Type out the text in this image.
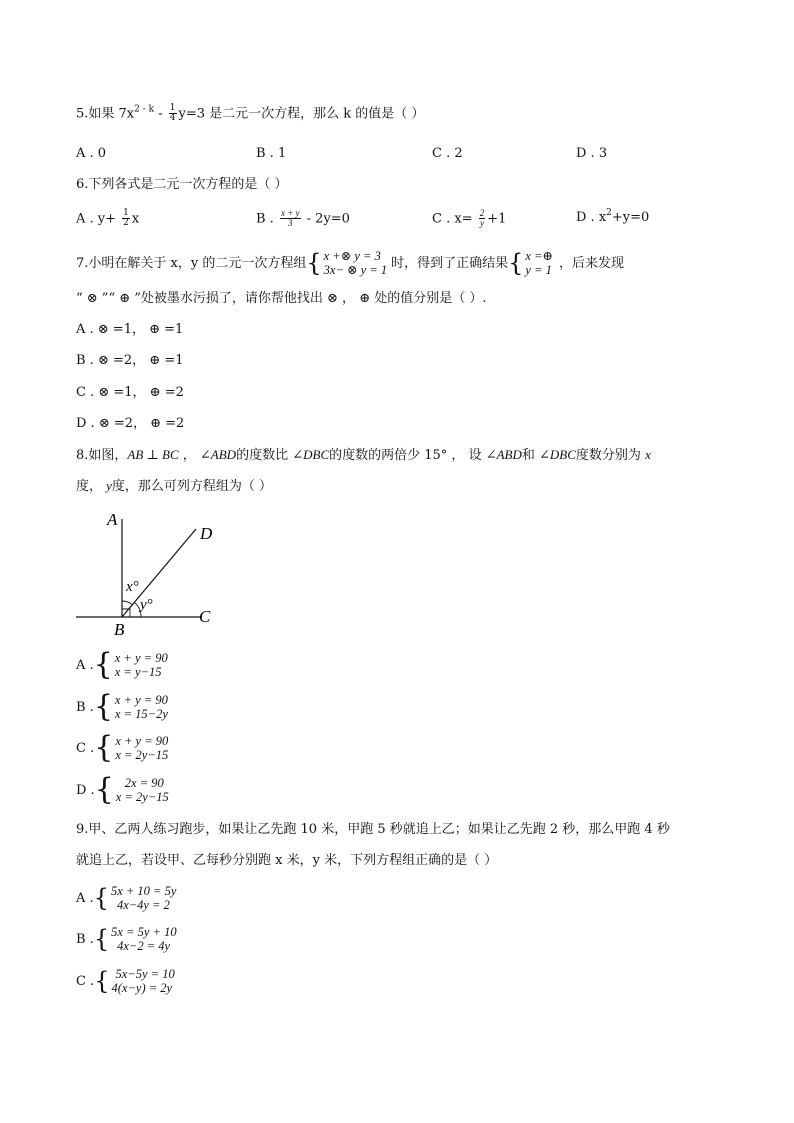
5.如果 $7x^{2 - k} - \frac{1}{4} y=3$ 是二元一次方程，那么 k 的值是（ ）
A . 0	B . 1	C . 2	D . 3
6.下列各式是二元一次方程的是（ ）
A . $y+ \frac{1}{2}$ x	B . $\frac{x + y}{3} - 2y=0$	C . $x= \frac{2}{y} +1$	D . $x^2+y=0$
7.小明在解关于 x，y 的二元一次方程组 { x +⊗ y = 3
3x− ⊗ y = 1 时，得到了正确结果 { x =⊕
y = 1 ，后来发现
“ ⊗ ”“ ⊕ ”处被墨水污损了，请你帮他找出 ⊗ ， ⊕ 处的值分别是（ ）.
A . ⊗ =1， ⊕ =1
B . ⊗ =2， ⊕ =1
C . ⊗ =1， ⊕ =2
D . ⊗ =2， ⊕ =2
8.如图，AB ⊥ BC ， ∠ABD的度数比 ∠DBC的度数的两倍少 15° ， 设 ∠ABD和 ∠DBC度数分别为 x
度， y度，那么可列方程组为（ ）
A
B
C
D
x°
y°
A . { x + y = 90
x = y−15
B . { x + y = 90
x = 15−2y
C . { x + y = 90
x = 2y−15
D . { 2x = 90
x = 2y−15
9.甲、乙两人练习跑步，如果让乙先跑 10 米，甲跑 5 秒就追上乙；如果让乙先跑 2 秒，那么甲跑 4 秒
就追上乙，若设甲、乙每秒分别跑 x 米，y 米，下列方程组正确的是（ ）
A . { 5x + 10 = 5y
4x−4y = 2
B . { 5x = 5y + 10
4x−2 = 4y
C . { 5x−5y = 10
4(x−y) = 2y
